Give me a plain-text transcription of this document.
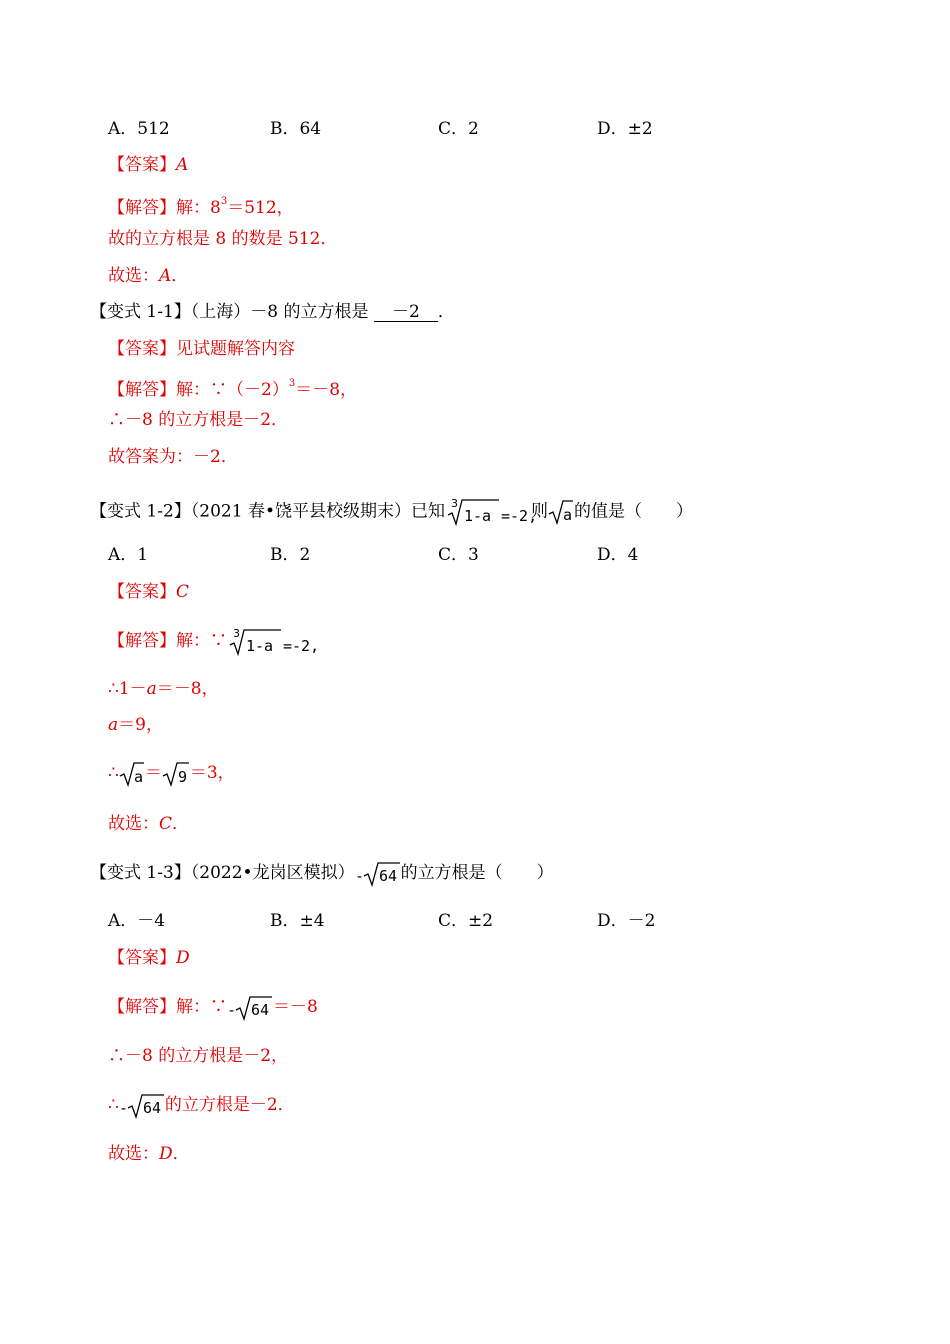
A．512	B．64	C．2	D．±2
【答案】A
【解答】解：$8^3=512$，
故的立方根是 8 的数是 512．
故选：A．
【变式 1-1】（上海）－8 的立方根是 －2 ．
【答案】见试题解答内容
【解答】解：$\because(-2)^3=-8$，
∴－8 的立方根是－2．
故答案为：－2．
【变式 1-2】（2021 春•饶平县校级期末）已知 3
1-a =-2,
则 a 的值是（　　）
A．1	B．2	C．3	D．4
【答案】C
【解答】解：∵ 3
1-a =-2,
∴1－a＝－8，
a＝9，
∴ a ＝ 9 ＝3，
故选：C．
【变式 1-3】（2022•龙岗区模拟） - 64 的立方根是（　　）
A．－4	B．±4	C．±2	D．－2
【答案】D
【解答】解：∵ - 64 ＝－8
∴－8 的立方根是－2，
∴ - 64 的立方根是－2．
故选：D．
